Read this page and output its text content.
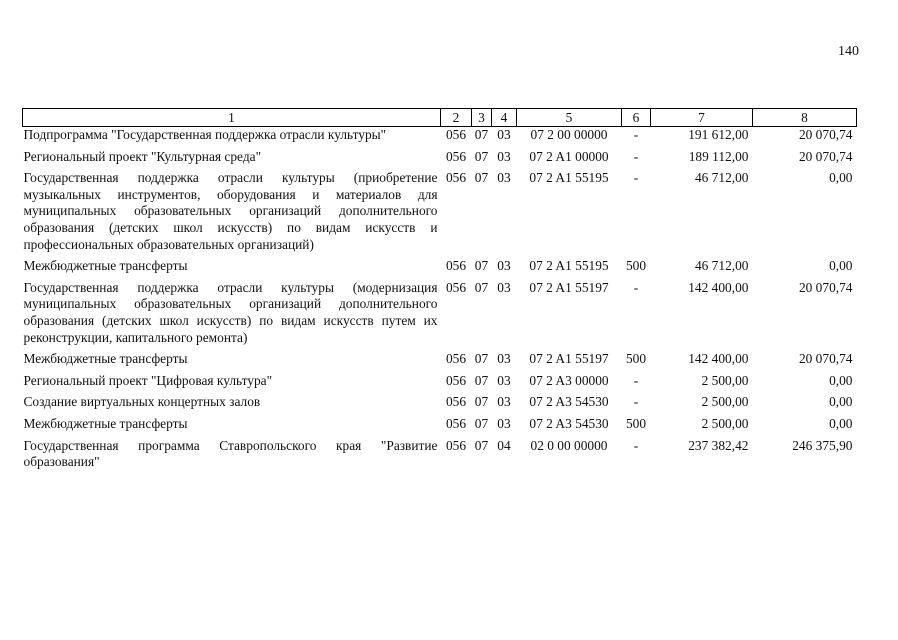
140
1	2	3	4	5	6	7	8
Подпрограмма "Государственная поддержка отрасли культуры"	056	07	03	07 2 00 00000	-	191 612,00	20 070,74
Региональный проект "Культурная среда"	056	07	03	07 2 A1 00000	-	189 112,00	20 070,74
Государственная поддержка отрасли культуры (приобретение музыкальных инструментов, оборудования и материалов для муниципальных образовательных организаций дополнительного образования (детских школ искусств) по видам искусств и профессиональных образовательных организаций)	056	07	03	07 2 A1 55195	-	46 712,00	0,00
Межбюджетные трансферты	056	07	03	07 2 A1 55195	500	46 712,00	0,00
Государственная поддержка отрасли культуры (модернизация муниципальных образовательных организаций дополнительного образования (детских школ искусств) по видам искусств путем их реконструкции, капитального ремонта)	056	07	03	07 2 A1 55197	-	142 400,00	20 070,74
Межбюджетные трансферты	056	07	03	07 2 A1 55197	500	142 400,00	20 070,74
Региональный проект "Цифровая культура"	056	07	03	07 2 A3 00000	-	2 500,00	0,00
Создание виртуальных концертных залов	056	07	03	07 2 A3 54530	-	2 500,00	0,00
Межбюджетные трансферты	056	07	03	07 2 A3 54530	500	2 500,00	0,00
Государственная программа Ставропольского края "Развитие образования"	056	07	04	02 0 00 00000	-	237 382,42	246 375,90
